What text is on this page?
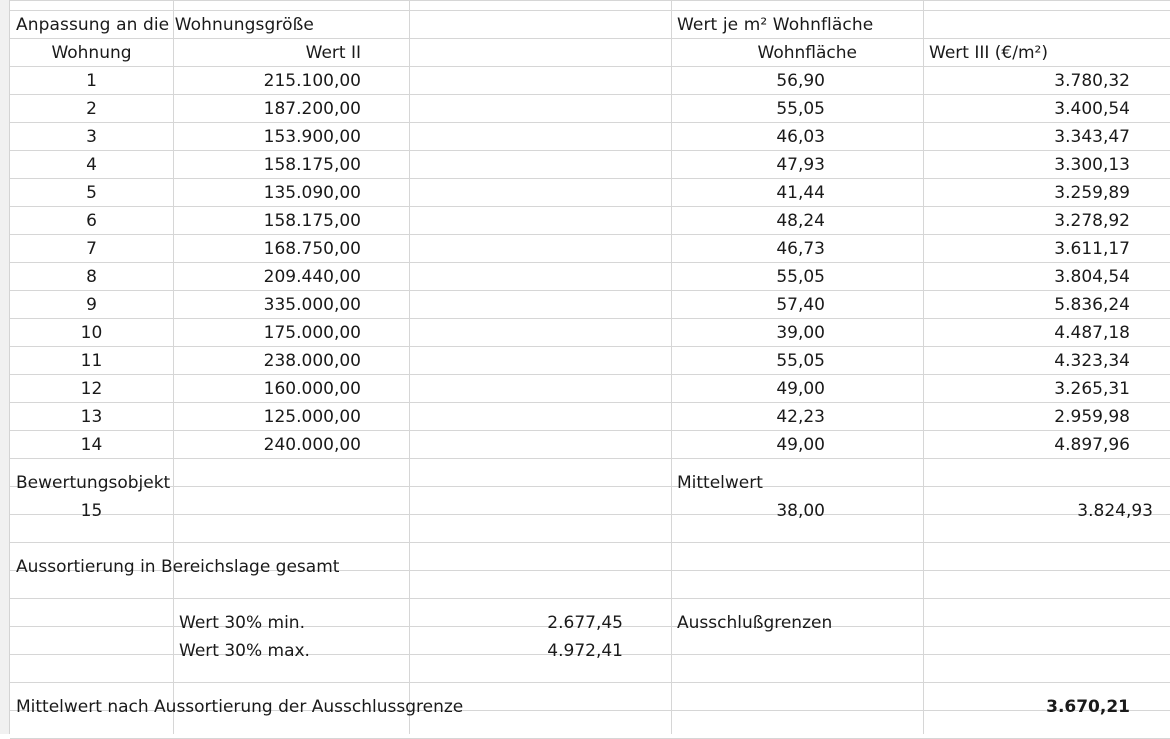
Anpassung an die Wohnungsgröße	Wert je m² Wohnfläche
Wohnung	Wert II	Wohnfläche	Wert III (€/m²)
1	215.100,00	56,90	3.780,32
2	187.200,00	55,05	3.400,54
3	153.900,00	46,03	3.343,47
4	158.175,00	47,93	3.300,13
5	135.090,00	41,44	3.259,89
6	158.175,00	48,24	3.278,92
7	168.750,00	46,73	3.611,17
8	209.440,00	55,05	3.804,54
9	335.000,00	57,40	5.836,24
10	175.000,00	39,00	4.487,18
11	238.000,00	55,05	4.323,34
12	160.000,00	49,00	3.265,31
13	125.000,00	42,23	2.959,98
14	240.000,00	49,00	4.897,96
Bewertungsobjekt	Mittelwert
15	38,00	3.824,93
Aussortierung in Bereichslage gesamt
Wert 30% min.	2.677,45	Ausschlußgrenzen
Wert 30% max.	4.972,41
Mittelwert nach Aussortierung der Ausschlussgrenze	3.670,21
